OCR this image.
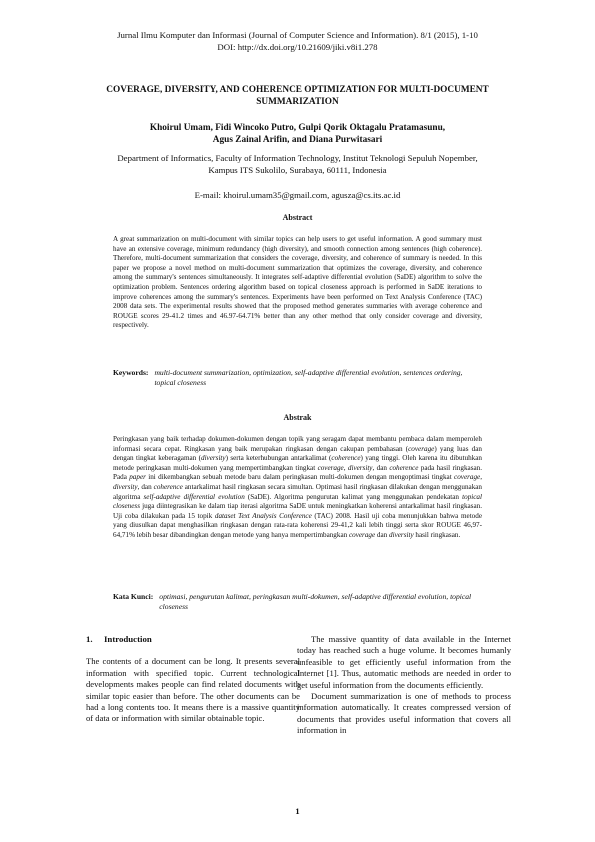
Jurnal Ilmu Komputer dan Informasi (Journal of Computer Science and Information). 8/1 (2015), 1-10
DOI: http://dx.doi.org/10.21609/jiki.v8i1.278
COVERAGE, DIVERSITY, AND COHERENCE OPTIMIZATION FOR MULTI-DOCUMENT SUMMARIZATION
Khoirul Umam, Fidi Wincoko Putro, Gulpi Qorik Oktagalu Pratamasunu,
Agus Zainal Arifin, and Diana Purwitasari
Department of Informatics, Faculty of Information Technology, Institut Teknologi Sepuluh Nopember,
Kampus ITS Sukolilo, Surabaya, 60111, Indonesia
E-mail: khoirul.umam35@gmail.com, agusza@cs.its.ac.id
Abstract
A great summarization on multi-document with similar topics can help users to get useful information. A good summary must have an extensive coverage, minimum redundancy (high diversity), and smooth connection among sentences (high coherence). Therefore, multi-document summarization that considers the coverage, diversity, and coherence of summary is needed. In this paper we propose a novel method on multi-document summarization that optimizes the coverage, diversity, and coherence among the summary's sentences simultaneously. It integrates self-adaptive differential evolution (SaDE) algorithm to solve the optimization problem. Sentences ordering algorithm based on topical closeness approach is performed in SaDE iterations to improve coherences among the summary's sentences. Experiments have been performed on Text Analysis Conference (TAC) 2008 data sets. The experimental results showed that the proposed method generates summaries with average coherence and ROUGE scores 29-41.2 times and 46.97-64.71% better than any other method that only consider coverage and diversity, respectively.
Keywords: multi-document summarization, optimization, self-adaptive differential evolution, sentences ordering, topical closeness
Abstrak
Peringkasan yang baik terhadap dokumen-dokumen dengan topik yang seragam dapat membantu pembaca dalam memperoleh informasi secara cepat. Ringkasan yang baik merupakan ringkasan dengan cakupan pembahasan (coverage) yang luas dan dengan tingkat keberagaman (diversity) serta keterhubungan antarkalimat (coherence) yang tinggi. Oleh karena itu dibutuhkan metode peringkasan multi-dokumen yang mempertimbangkan tingkat coverage, diversity, dan coherence pada hasil ringkasan. Pada paper ini dikembangkan sebuah metode baru dalam peringkasan multi-dokumen dengan mengoptimasi tingkat coverage, diversity, dan coherence antarkalimat hasil ringkasan secara simultan. Optimasi hasil ringkasan dilakukan dengan menggunakan algoritma self-adaptive differential evolution (SaDE). Algoritma pengurutan kalimat yang menggunakan pendekatan topical closeness juga diintegrasikan ke dalam tiap iterasi algoritma SaDE untuk meningkatkan koherensi antarkalimat hasil ringkasan. Uji coba dilakukan pada 15 topik dataset Text Analysis Conference (TAC) 2008. Hasil uji coba menunjukkan bahwa metode yang diusulkan dapat menghasilkan ringkasan dengan rata-rata koherensi 29-41,2 kali lebih tinggi serta skor ROUGE 46,97-64,71% lebih besar dibandingkan dengan metode yang hanya mempertimbangkan coverage dan diversity hasil ringkasan.
Kata Kunci: optimasi, pengurutan kalimat, peringkasan multi-dokumen, self-adaptive differential evolution, topical closeness
1. Introduction

The contents of a document can be long. It presents several information with specified topic. Current technological developments makes people can find related documents with similar topic easier than before. The other documents can be had a long contents too. It means there is a massive quantity of data or information with similar obtainable topic.

The massive quantity of data available in the Internet today has reached such a huge volume. It becomes humanly unfeasible to get efficiently useful information from the Internet [1]. Thus, automatic methods are needed in order to get useful information from the documents efficiently.

Document summarization is one of methods to process information automatically. It creates compressed version of documents that provides useful information that covers all information in

1
